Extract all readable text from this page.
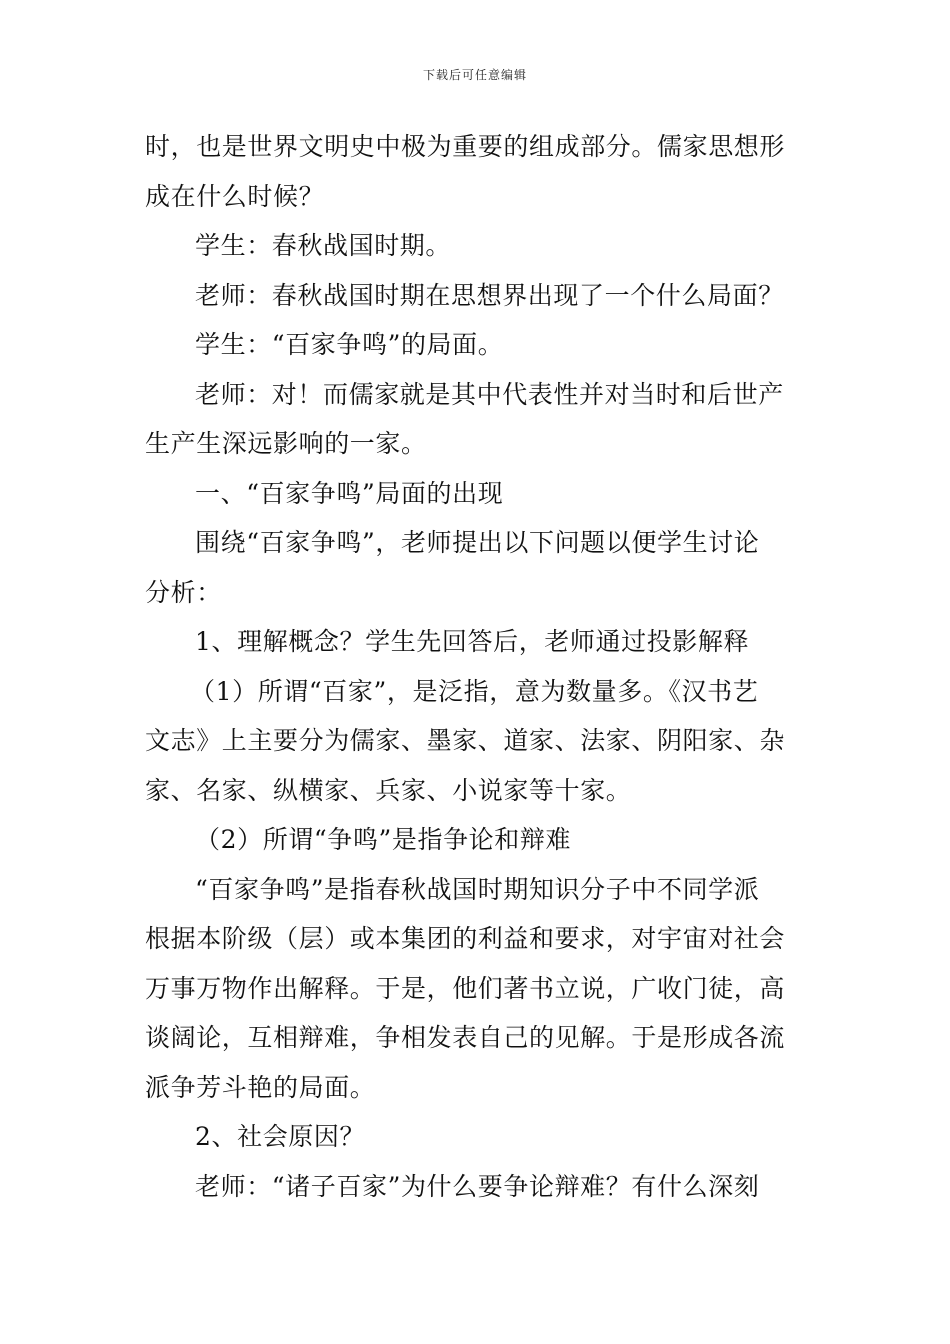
下载后可任意编辑
时，也是世界文明史中极为重要的组成部分。儒家思想形
成在什么时候？
学生：春秋战国时期。
老师：春秋战国时期在思想界出现了一个什么局面？
学生：“百家争鸣”的局面。
老师：对！而儒家就是其中代表性并对当时和后世产
生产生深远影响的一家。
一、“百家争鸣”局面的出现
围绕“百家争鸣”，老师提出以下问题以便学生讨论
分析：
1、理解概念？学生先回答后，老师通过投影解释
（1）所谓“百家”，是泛指，意为数量多。《汉书艺
文志》上主要分为儒家、墨家、道家、法家、阴阳家、杂
家、名家、纵横家、兵家、小说家等十家。
（2）所谓“争鸣”是指争论和辩难
“百家争鸣”是指春秋战国时期知识分子中不同学派
根据本阶级（层）或本集团的利益和要求，对宇宙对社会
万事万物作出解释。于是，他们著书立说，广收门徒，高
谈阔论，互相辩难，争相发表自己的见解。于是形成各流
派争芳斗艳的局面。
2、社会原因？
老师：“诸子百家”为什么要争论辩难？有什么深刻
